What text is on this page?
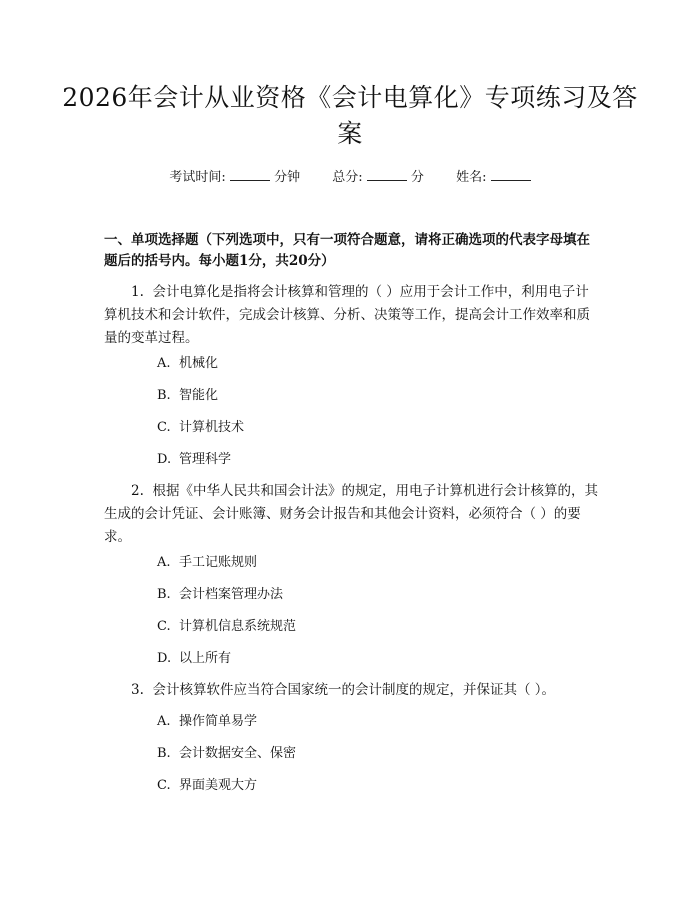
2026年会计从业资格《会计电算化》专项练习及答案
考试时间:	分钟 总分:	分 姓名:
一、单项选择题（下列选项中，只有一项符合题意，请将正确选项的代表字母填在题后的括号内。每小题1分，共20分）
1. 会计电算化是指将会计核算和管理的（ ）应用于会计工作中，利用电子计算机技术和会计软件，完成会计核算、分析、决策等工作，提高会计工作效率和质量的变革过程。
A. 机械化
B. 智能化
C. 计算机技术
D. 管理科学
2. 根据《中华人民共和国会计法》的规定，用电子计算机进行会计核算的，其生成的会计凭证、会计账簿、财务会计报告和其他会计资料，必须符合（ ）的要求。
A. 手工记账规则
B. 会计档案管理办法
C. 计算机信息系统规范
D. 以上所有
3. 会计核算软件应当符合国家统一的会计制度的规定，并保证其（ ）。
A. 操作简单易学
B. 会计数据安全、保密
C. 界面美观大方
